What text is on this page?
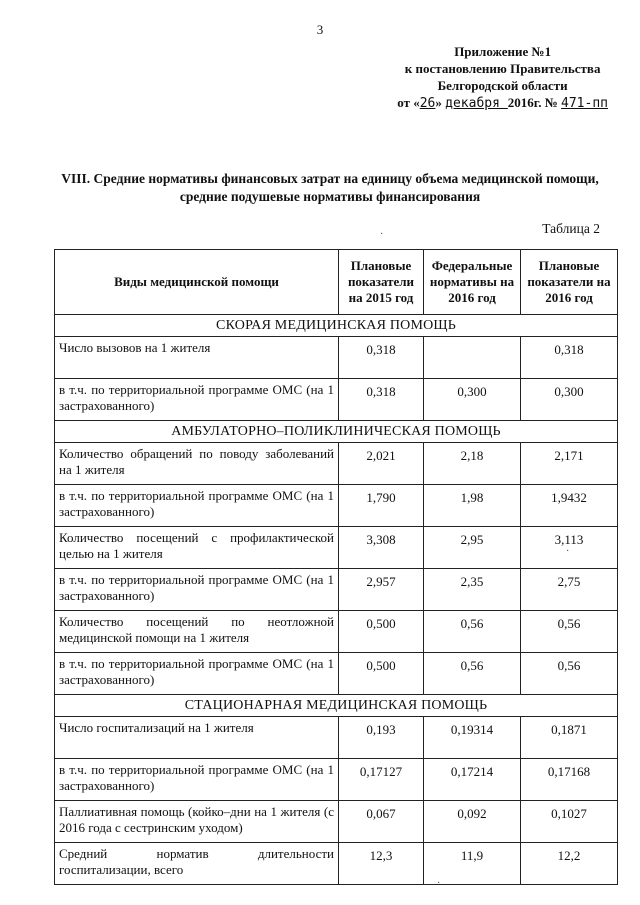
3
Приложение №1
к постановлению Правительства
Белгородской области
от «26» декабря 2016г. № 471-пп
VIII. Средние нормативы финансовых затрат на единицу объема медицинской помощи, средние подушевые нормативы финансирования
Таблица 2
Виды медицинской помощи	Плановые показатели на 2015 год	Федеральные нормативы на 2016 год	Плановые показатели на 2016 год
СКОРАЯ МЕДИЦИНСКАЯ ПОМОЩЬ			
Число вызовов на 1 жителя	0,318		0,318
в т.ч. по территориальной программе ОМС (на 1 застрахованного)	0,318	0,300	0,300
АМБУЛАТОРНО–ПОЛИКЛИНИЧЕСКАЯ ПОМОЩЬ			
Количество обращений по поводу заболеваний на 1 жителя	2,021	2,18	2,171
в т.ч. по территориальной программе ОМС (на 1 застрахованного)	1,790	1,98	1,9432
Количество посещений с профилактической целью на 1 жителя	3,308	2,95	3,113
в т.ч. по территориальной программе ОМС (на 1 застрахованного)	2,957	2,35	2,75
Количество посещений по неотложной медицинской помощи на 1 жителя	0,500	0,56	0,56
в т.ч. по территориальной программе ОМС (на 1 застрахованного)	0,500	0,56	0,56
СТАЦИОНАРНАЯ МЕДИЦИНСКАЯ ПОМОЩЬ			
Число госпитализаций на 1 жителя	0,193	0,19314	0,1871
в т.ч. по территориальной программе ОМС (на 1 застрахованного)	0,17127	0,17214	0,17168
Паллиативная помощь (койко–дни на 1 жителя (с 2016 года с сестринским уходом)	0,067	0,092	0,1027
Средний норматив длительности госпитализации, всего	12,3	11,9	12,2
·
·
·
